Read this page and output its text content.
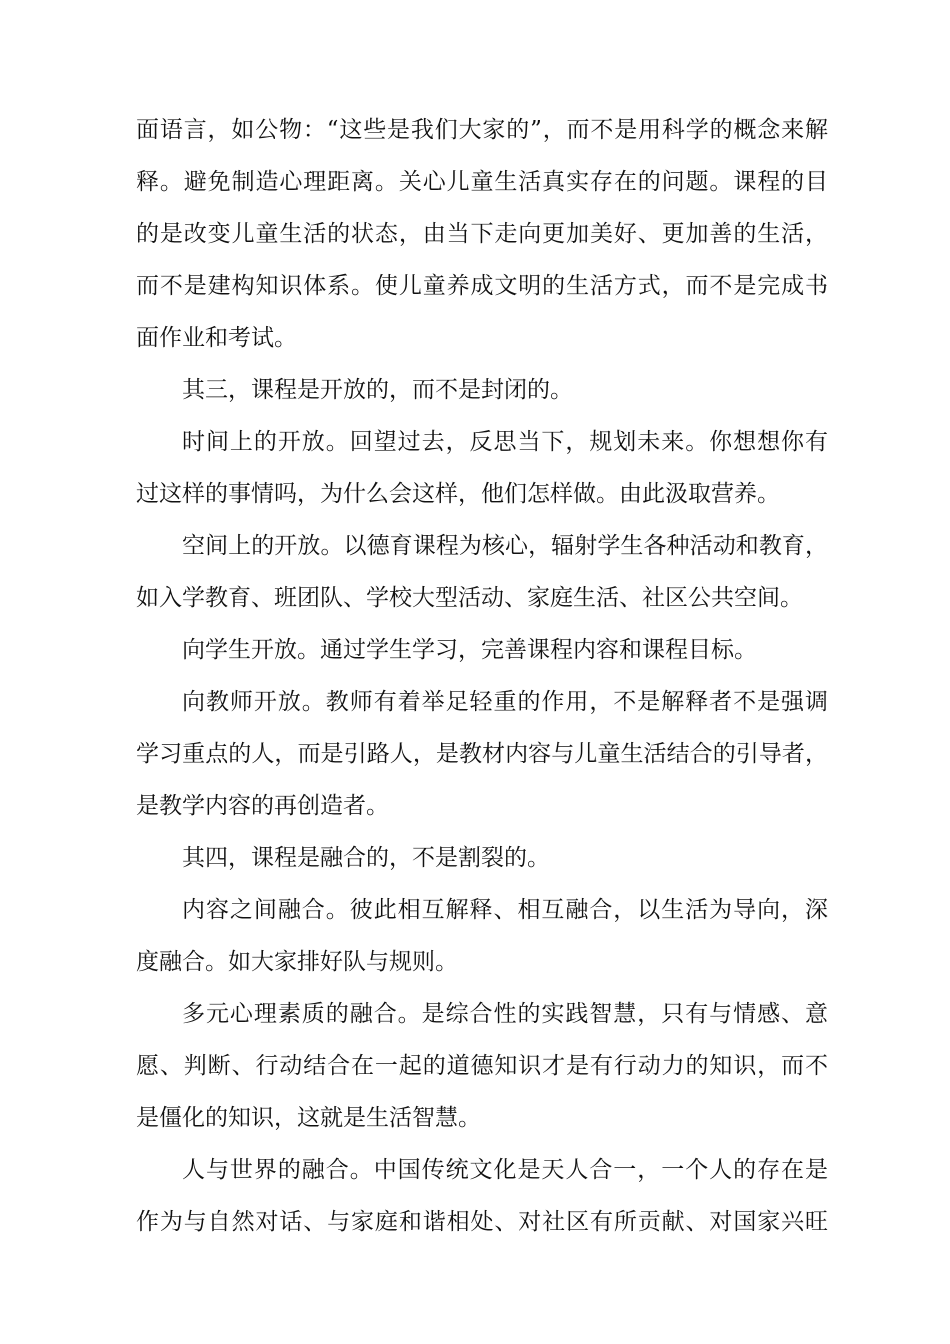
面语言，如公物：“这些是我们大家的”，而不是用科学的概念来解
释。避免制造心理距离。关心儿童生活真实存在的问题。课程的目
的是改变儿童生活的状态，由当下走向更加美好、更加善的生活，
而不是建构知识体系。使儿童养成文明的生活方式，而不是完成书
面作业和考试。
其三，课程是开放的，而不是封闭的。
时间上的开放。回望过去，反思当下，规划未来。你想想你有
过这样的事情吗，为什么会这样，他们怎样做。由此汲取营养。
空间上的开放。以德育课程为核心，辐射学生各种活动和教育，
如入学教育、班团队、学校大型活动、家庭生活、社区公共空间。
向学生开放。通过学生学习，完善课程内容和课程目标。
向教师开放。教师有着举足轻重的作用，不是解释者不是强调
学习重点的人，而是引路人，是教材内容与儿童生活结合的引导者，
是教学内容的再创造者。
其四，课程是融合的，不是割裂的。
内容之间融合。彼此相互解释、相互融合，以生活为导向，深
度融合。如大家排好队与规则。
多元心理素质的融合。是综合性的实践智慧，只有与情感、意
愿、判断、行动结合在一起的道德知识才是有行动力的知识，而不
是僵化的知识，这就是生活智慧。
人与世界的融合。中国传统文化是天人合一，一个人的存在是
作为与自然对话、与家庭和谐相处、对社区有所贡献、对国家兴旺
